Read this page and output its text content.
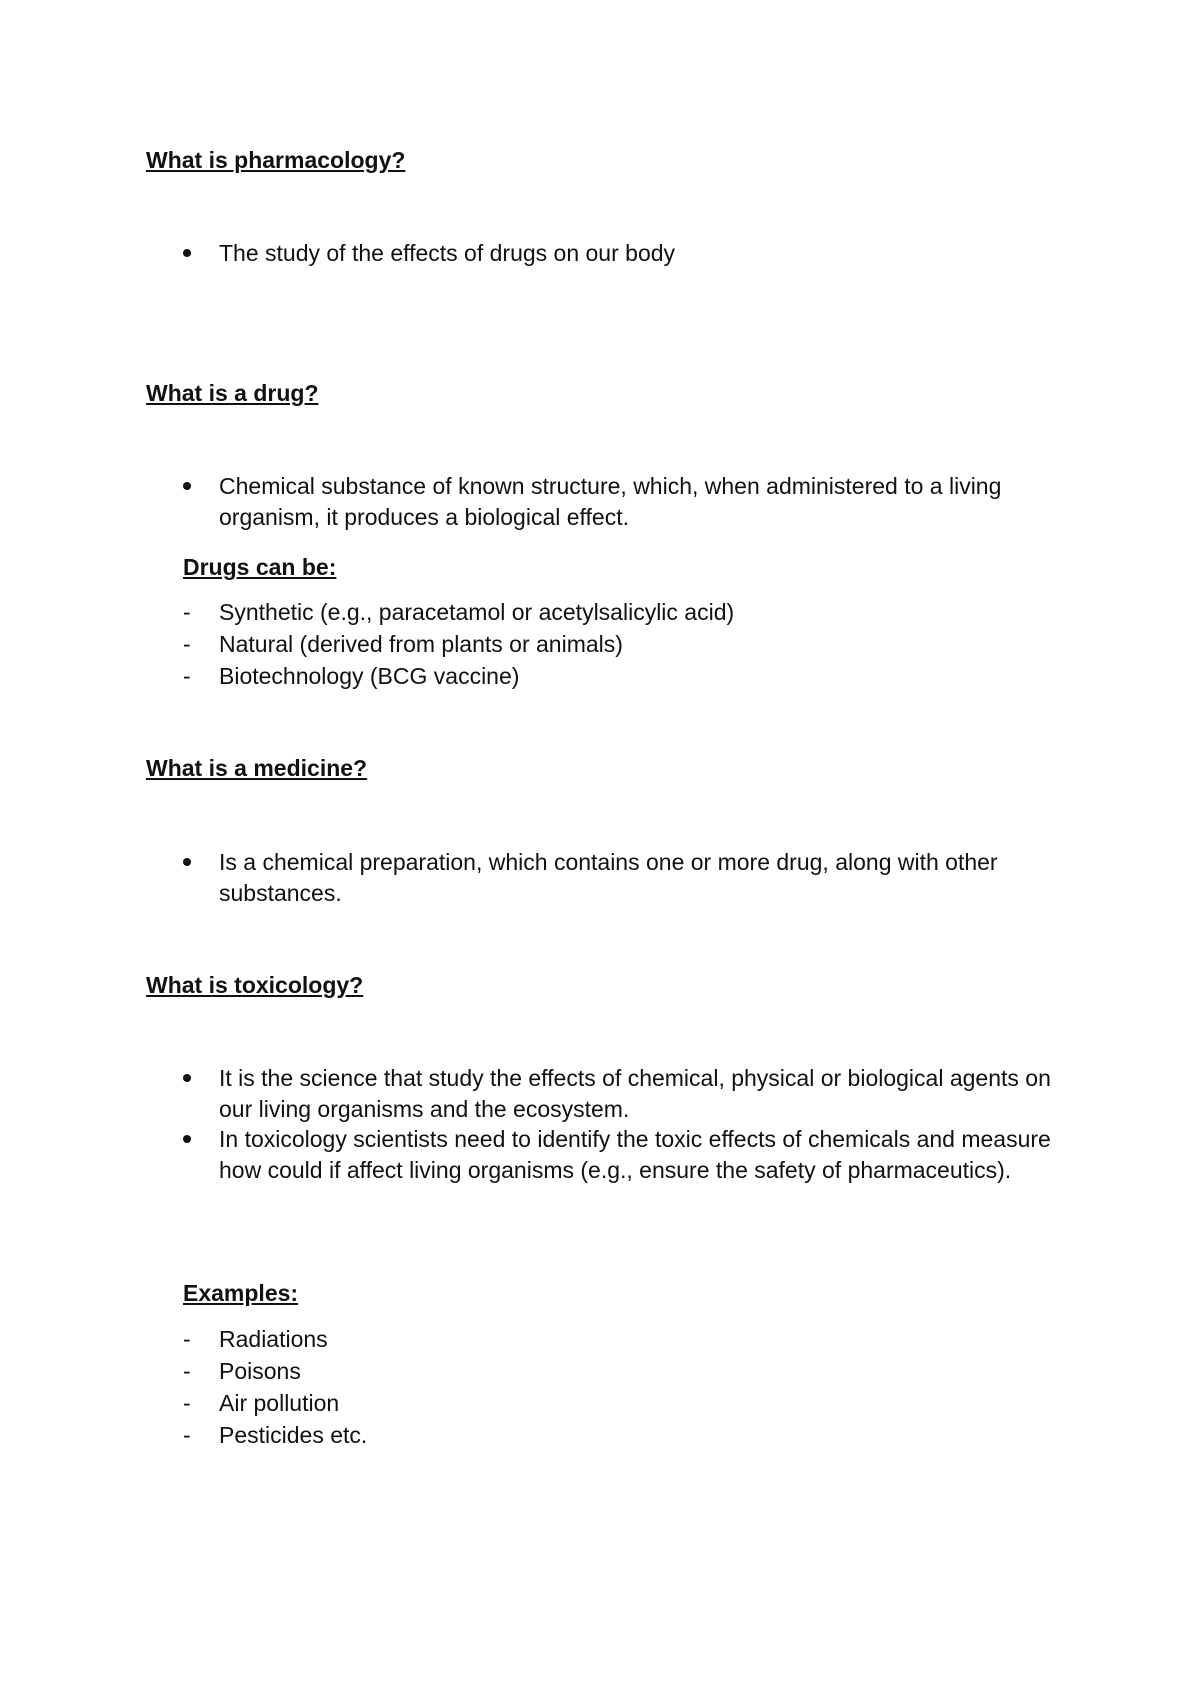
What is pharmacology?
The study of the effects of drugs on our body
What is a drug?
Chemical substance of known structure, which, when administered to a living organism, it produces a biological effect.
Drugs can be:
- Synthetic (e.g., paracetamol or acetylsalicylic acid)
- Natural (derived from plants or animals)
- Biotechnology (BCG vaccine)
What is a medicine?
Is a chemical preparation, which contains one or more drug, along with other substances.
What is toxicology?
It is the science that study the effects of chemical, physical or biological agents on our living organisms and the ecosystem.
In toxicology scientists need to identify the toxic effects of chemicals and measure how could if affect living organisms (e.g., ensure the safety of pharmaceutics).
Examples:
- Radiations
- Poisons
- Air pollution
- Pesticides etc.
